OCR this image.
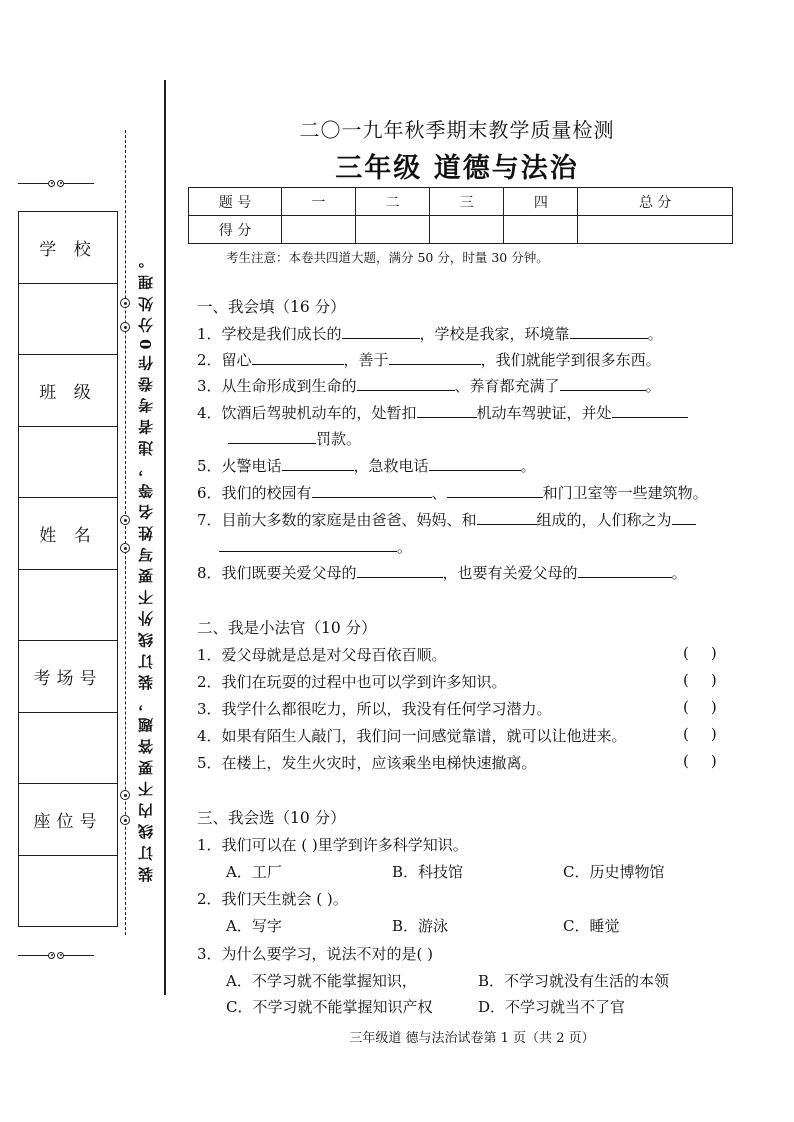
学 校
班 级
姓 名
考场号
座位号	装订线内不要答题，装订线外不要写姓名等，违者考卷作0分处理。
二〇一九年秋季期末教学质量检测
三年级 道德与法治
题 号	一	二	三	四	总 分
得 分					
考生注意：本卷共四道大题，满分 50 分，时量 30 分钟。
一、我会填（16 分）
1．学校是我们成长的	，学校是我家，环境靠	。
2．留心	，善于	，我们就能学到很多东西。
3．从生命形成到生命的	、养育都充满了	。
4．饮酒后驾驶机动车的，处暂扣	机动车驾驶证，并处
罚款。
5．火警电话	，急救电话	。
6．我们的校园有	、	和门卫室等一些建筑物。
7．目前大多数的家庭是由爸爸、妈妈、和	组成的，人们称之为
。
8．我们既要关爱父母的	，也要有关爱父母的	。
二、我是小法官（10 分）
1．爱父母就是总是对父母百依百顺。	()
2．我们在玩耍的过程中也可以学到许多知识。	()
3．我学什么都很吃力，所以，我没有任何学习潜力。	()
4．如果有陌生人敲门，我们问一问感觉靠谱，就可以让他进来。	()
5．在楼上，发生火灾时，应该乘坐电梯快速撤离。	()
三、我会选（10 分）
1．我们可以在 ( )里学到许多科学知识。
A．工厂	B．科技馆	C．历史博物馆
2．我们天生就会 ( )。
A．写字	B．游泳	C．睡觉
3．为什么要学习，说法不对的是( )
A．不学习就不能掌握知识，	B．不学习就没有生活的本领
C．不学习就不能掌握知识产权	D．不学习就当不了官
三年级道 德与法治试卷第 1 页（共 2 页）
